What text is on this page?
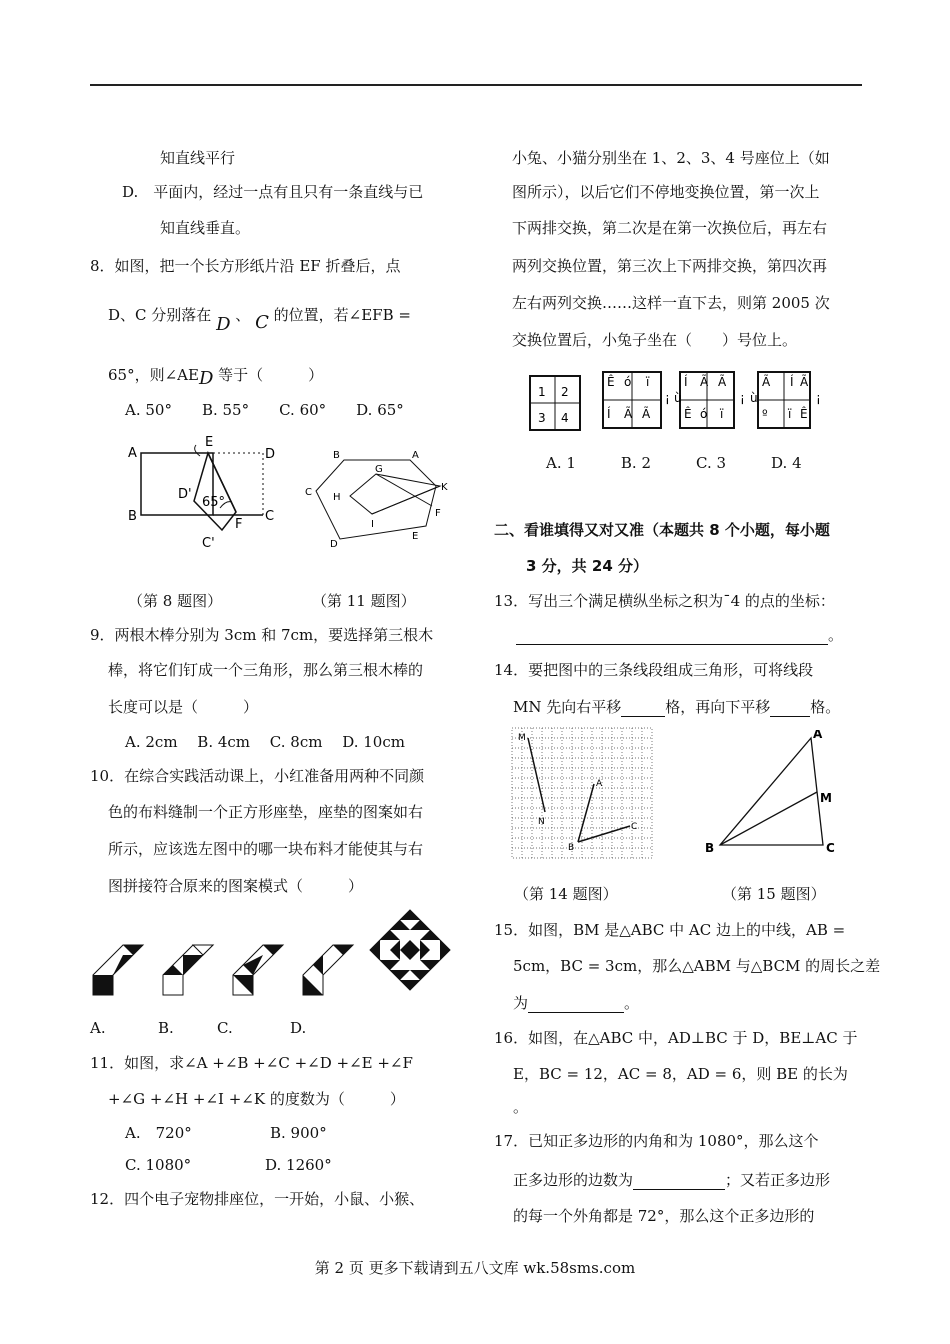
知直线平行
D.　平面内，经过一点有且只有一条直线与已
知直线垂直。
8．如图，把一个长方形纸片沿 EF 折叠后，点
D、C 分别落在 D 、 C 的位置，若∠EFB =
65°，则∠AED 等于（　　　）
A. 50°　　B. 55°　　C. 60°　　D. 65°
A
B
E
D
C
F
D'
C'
65°
B	A
C
D
E
F
G
H
I
K
（第 8 题图）	（第 11 题图）
9．两根木棒分别为 3cm 和 7cm，要选择第三根木
棒，将它们钉成一个三角形，那么第三根木棒的
长度可以是（　　　）
A. 2cm　 B. 4cm　 C. 8cm　 D. 10cm
10．在综合实践活动课上，小红准备用两种不同颜
色的布料缝制一个正方形座垫，座垫的图案如右
所示，应该选左图中的哪一块布料才能使其与右
图拼接符合原来的图案模式（　　　）
A.	B.	C.	D.
11．如图，求∠A +∠B +∠C +∠D +∠E +∠F
+∠G +∠H +∠I +∠K 的度数为（　　　）
A.　720°	B. 900°
C. 1080°	D. 1260°
12．四个电子宠物排座位，一开始，小鼠、小猴、
小兔、小猫分别坐在 1、2、3、4 号座位上（如
图所示），以后它们不停地变换位置，第一次上
下两排交换，第二次是在第一次换位后，再左右
两列交换位置，第三次上下两排交换，第四次再
左右两列交换……这样一直下去，则第 2005 次
交换位置后，小兔子坐在（　　）号位上。
1 2
3 4
Ê ó ï
Í Ã Ã
¡ ù
Í Ã Ã
Ê ó ï
¡ ù
Ã Í Ã
º ï Ê
¡
A. 1　　　B. 2　　　C. 3　　　D. 4
二、看谁填得又对又准（本题共 8 个小题，每小题
3 分，共 24 分）
13．写出三个满足横纵坐标之积为ˉ4 的点的坐标：
。
14．要把图中的三条线段组成三角形，可将线段
MN 先向右平移	格，再向下平移	格。
M
N
A
B
C
A
M
B	C
（第 14 题图）	（第 15 题图）
15．如图，BM 是△ABC 中 AC 边上的中线，AB =
5cm，BC = 3cm，那么△ABM 与△BCM 的周长之差
为	。
16．如图，在△ABC 中，AD⊥BC 于 D，BE⊥AC 于
E，BC = 12，AC = 8，AD = 6，则 BE 的长为
。
17．已知正多边形的内角和为 1080°，那么这个
正多边形的边数为	；又若正多边形
的每一个外角都是 72°，那么这个正多边形的
第 2 页 更多下载请到五八文库 wk.58sms.com
